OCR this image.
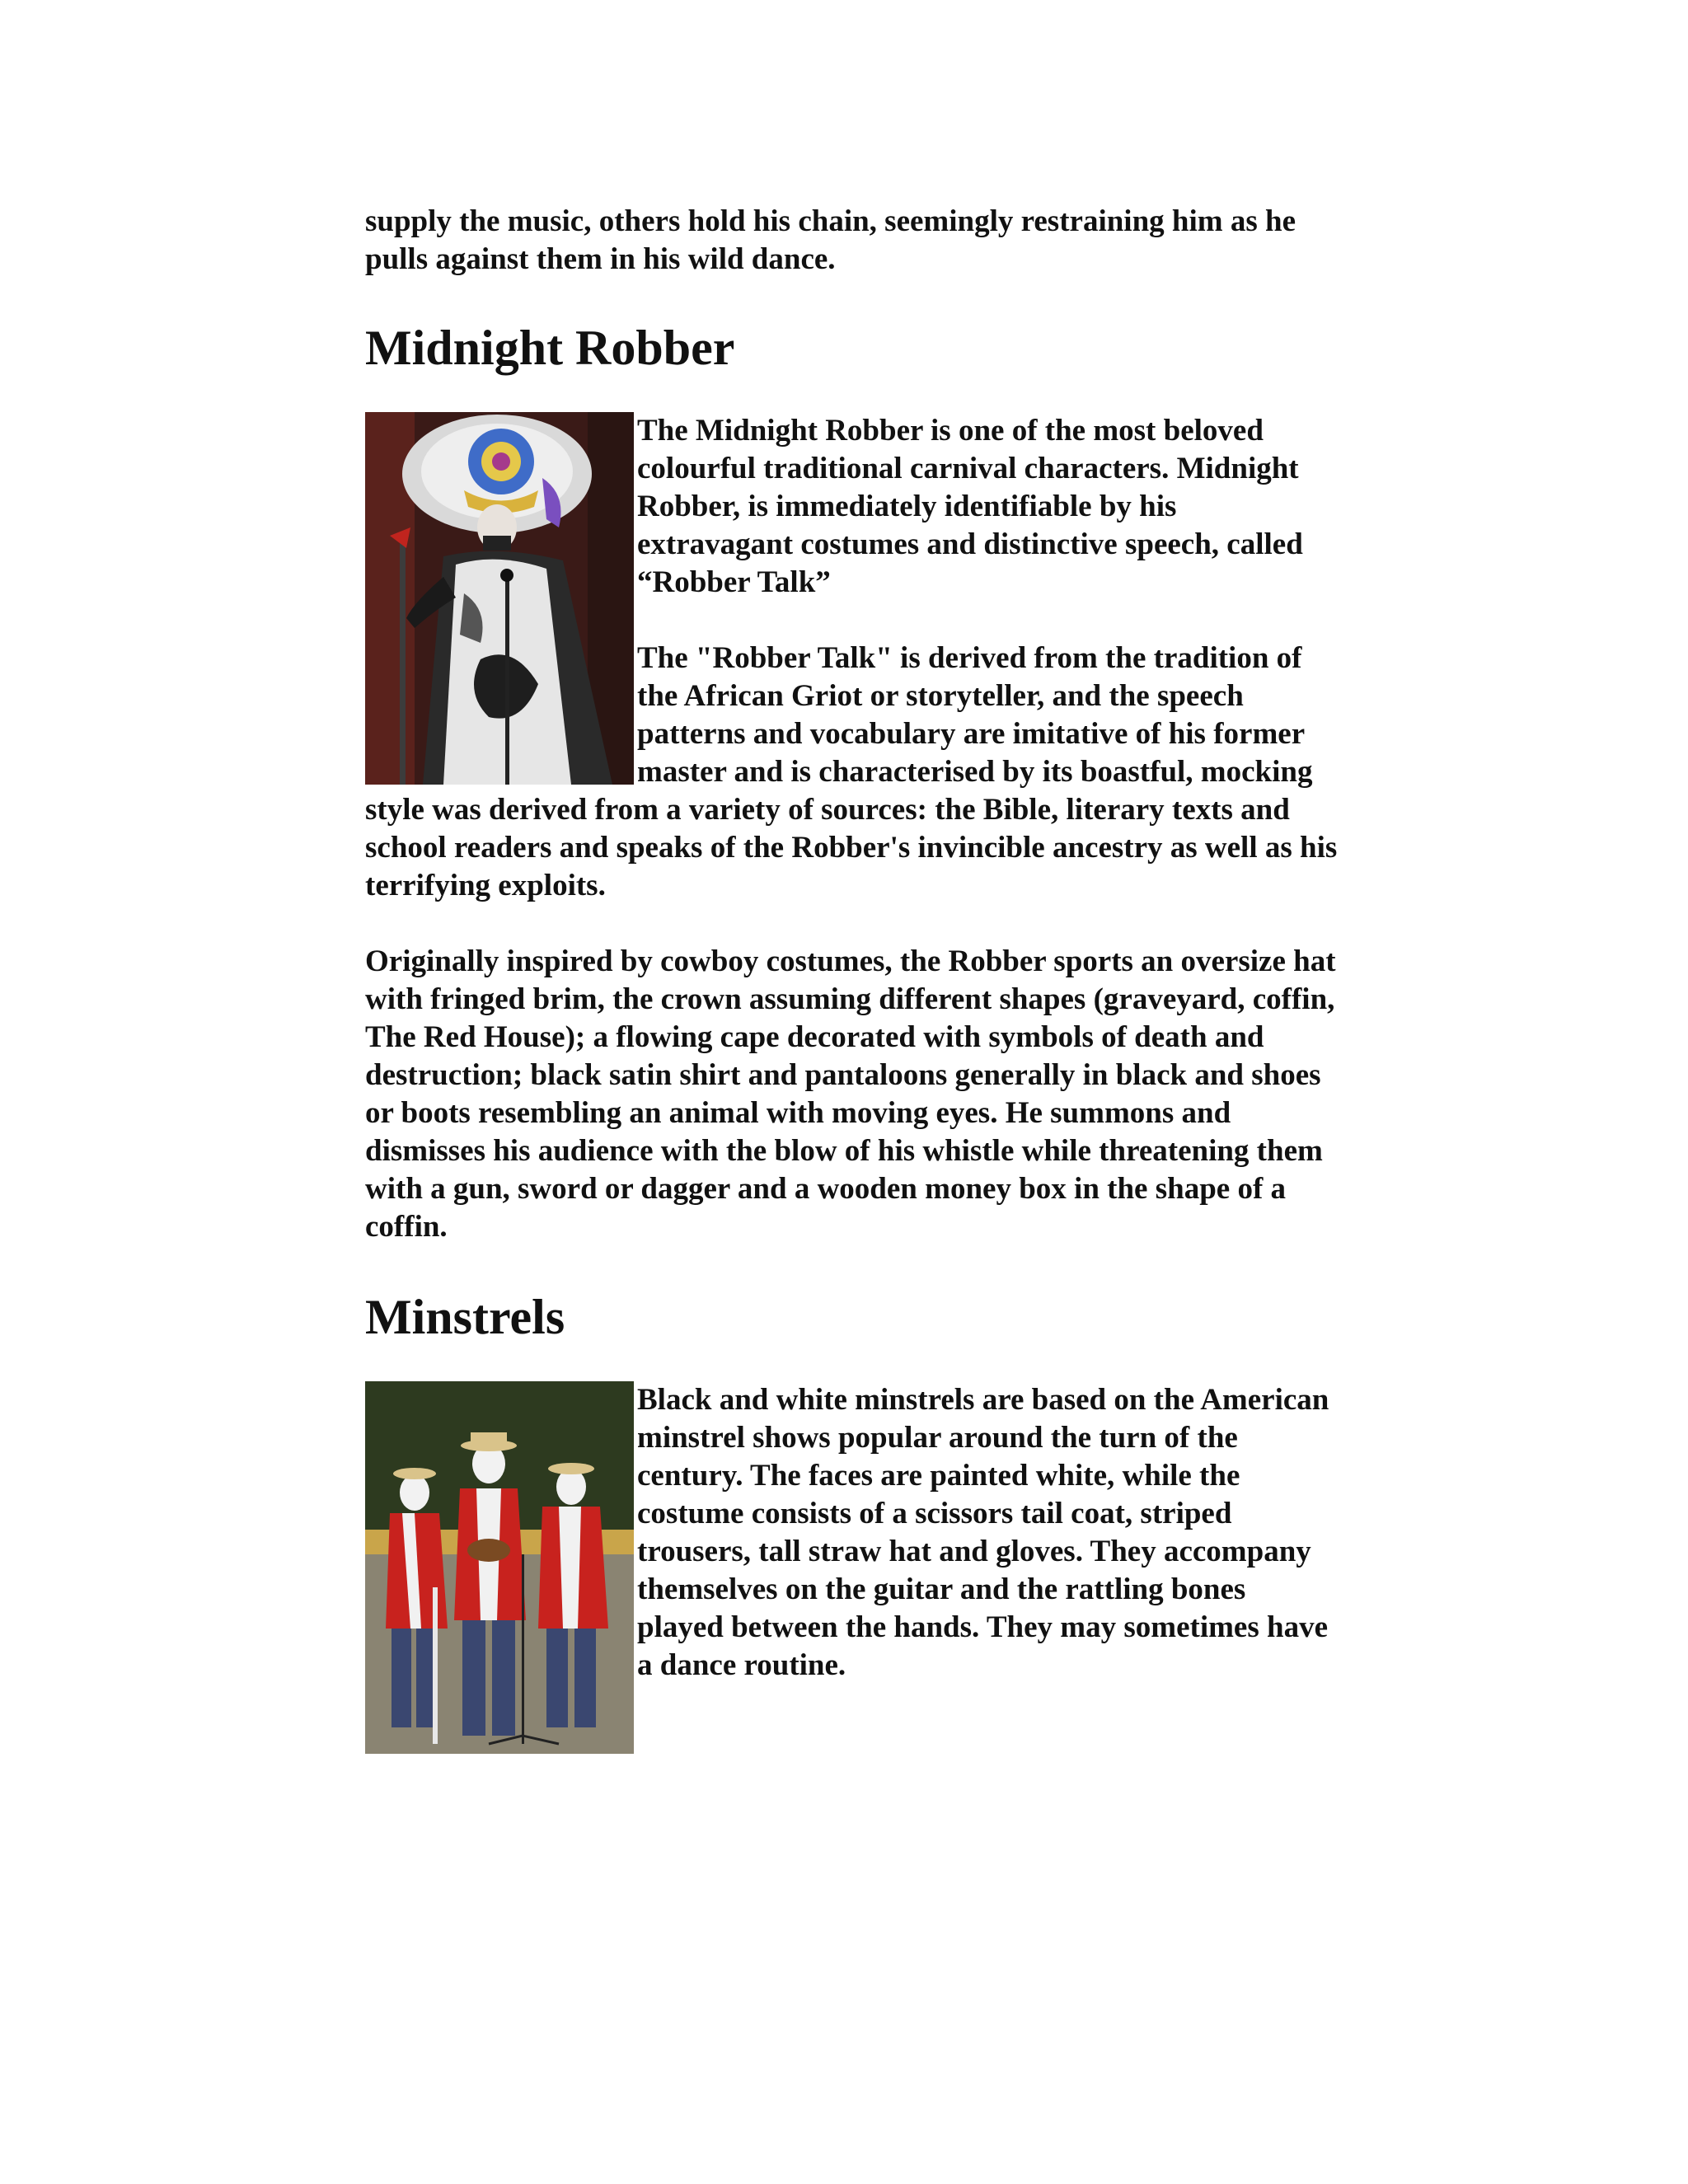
supply the music, others hold his chain, seemingly restraining him as he pulls against them in his wild dance.

Midnight Robber

The Midnight Robber is one of the most beloved colourful traditional carnival characters. Midnight Robber, is immediately identifiable by his extravagant costumes and distinctive speech, called “Robber Talk”

The "Robber Talk" is derived from the tradition of the African Griot or storyteller, and the speech patterns and vocabulary are imitative of his former master and is characterised by its boastful, mocking style was derived from a variety of sources: the Bible, literary texts and school readers and speaks of the Robber's invincible ancestry as well as his terrifying exploits.

Originally inspired by cowboy costumes, the Robber sports an oversize hat with fringed brim, the crown assuming different shapes (graveyard, coffin, The Red House); a flowing cape decorated with symbols of death and destruction; black satin shirt and pantaloons generally in black and shoes or boots resembling an animal with moving eyes. He summons and dismisses his audience with the blow of his whistle while threatening them with a gun, sword or dagger and a wooden money box in the shape of a coffin.

Minstrels

Black and white minstrels are based on the American minstrel shows popular around the turn of the century. The faces are painted white, while the costume consists of a scissors tail coat, striped trousers, tall straw hat and gloves. They accompany themselves on the guitar and the rattling bones played between the hands. They may sometimes have a dance routine.
